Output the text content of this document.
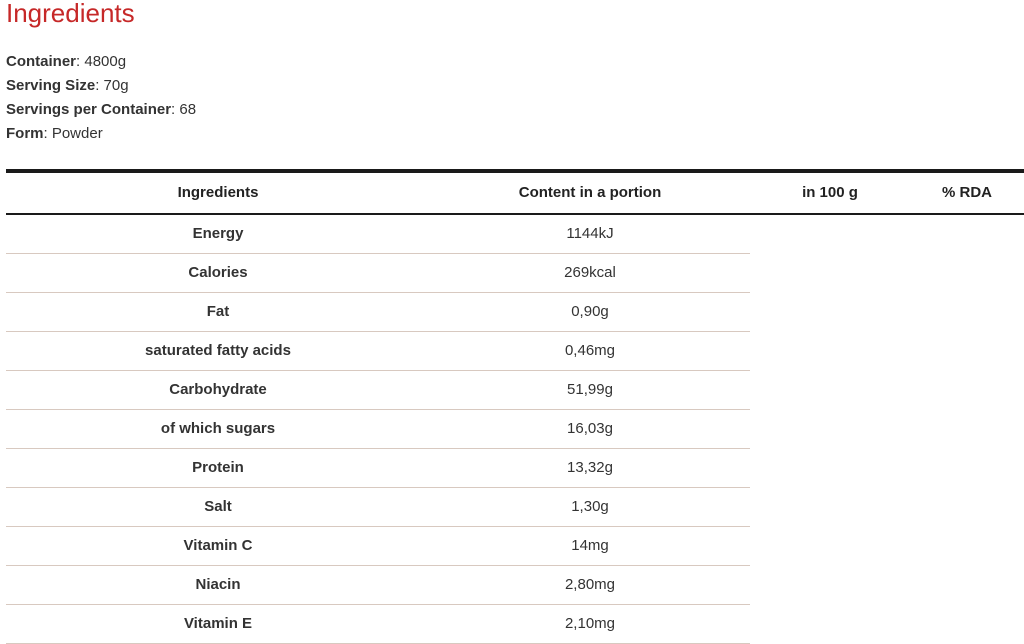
Ingredients
Container: 4800g
Serving Size: 70g
Servings per Container: 68
Form: Powder
Ingredients	Content in a portion	in 100 g	% RDA
Energy	1144kJ
Calories	269kcal
Fat	0,90g
saturated fatty acids	0,46mg
Carbohydrate	51,99g
of which sugars	16,03g
Protein	13,32g
Salt	1,30g
Vitamin C	14mg
Niacin	2,80mg
Vitamin E	2,10mg
